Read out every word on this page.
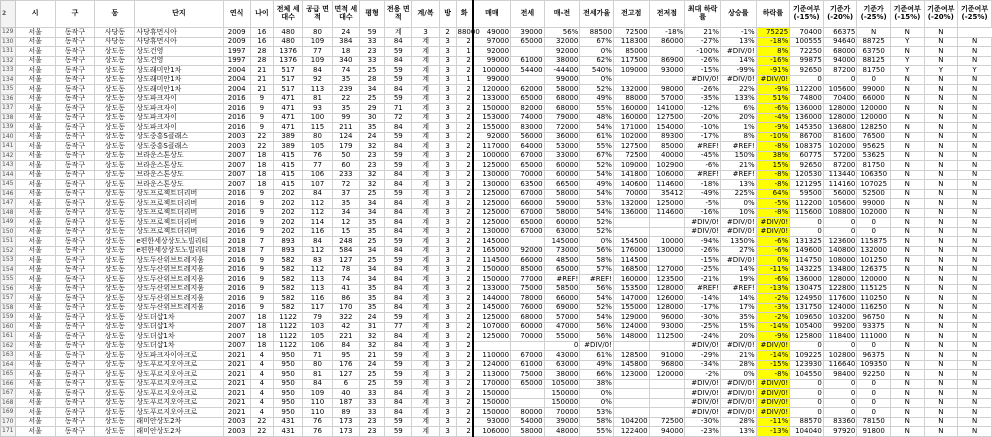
2	시	구	동	단지	연식	나이	전체 세대수	공급 면적	면적 세대수	평형	전용 면적	계/복	방	화	매매	전세	매-전	전세가율	전고점	전저점	최대 하락률	상승률	하락률	기준여부 (-15%)	기준가 (-20%)	기준가 (-25%)	기준여부 (-15%)	기준여부 (-20%)	기준여부 (-25%)
129	서울	동작구	사당동	사당휴먼시아	2009	16	480	80	24	59	계	3	2	88000	49000	39000	56%	88500	72500	-18%	21%	-1%	75225	70400	66375	N	N	N	
130	서울	동작구	사당동	사당휴먼시아	2009	16	480	109	384	33	84	계	3	2	97000	65000	32000	67%	118300	86000	-27%	13%	-18%	100555	94640	88725	Y	N	N
131	서울	동작구	상도동	상도건영	1997	28	1376	77	18	23	59	계	3	1	92000		92000	0%	85000		-100%	#DIV/0!	8%	72250	68000	63750	N	N	N
132	서울	동작구	상도동	상도건영	1997	28	1376	109	340	33	84	계	3	2	99000	61000	38000	62%	117500	86900	-26%	14%	-16%	99875	94000	88125	Y	N	N
133	서울	동작구	상도동	상도래미안1차	2004	21	517	84	74	25	59	계	3	2	100000	54400	-44400	540%	109000	93000	-15%	-99%	-91%	92650	87200	81750	Y	Y	Y
134	서울	동작구	상도동	상도래미안1차	2004	21	517	92	35	28	59	계	3	1	99000		99000	0%			#DIV/0!	#DIV/0!	#DIV/0!	0	0	0	N	N	N
135	서울	동작구	상도동	상도래미안1차	2004	21	517	113	239	34	84	계	3	2	120000	62000	58000	52%	132000	98000	-26%	22%	-9%	112200	105600	99000	N	N	N
136	서울	동작구	상도동	상도파크자이	2016	9	471	81	22	25	59	계	3	2	133000	65000	68000	49%	88000	57000	-35%	133%	51%	74800	70400	66000	N	N	N
137	서울	동작구	상도동	상도파크자이	2016	9	471	93	35	29	71	계	3	2	150000	82000	68000	55%	160000	141000	-12%	6%	-6%	136000	128000	120000	N	N	N
138	서울	동작구	상도동	상도파크자이	2016	9	471	100	99	30	72	계	3	2	153000	74000	79000	48%	160000	127500	-20%	20%	-4%	136000	128000	120000	N	N	N
139	서울	동작구	상도동	상도파크자이	2016	9	471	115	211	35	84	계	3	2	155000	83000	72000	54%	171000	154000	-10%	1%	-9%	145350	136800	128250	N	N	N
140	서울	동작구	상도동	상도중흥S클래스	2003	22	389	80	124	24	59	계	3	2	92000	56000	36000	61%	102000	89300	-17%	8%	-10%	86700	81600	76500	N	N	N
141	서울	동작구	상도동	상도중흥S클래스	2003	22	389	105	179	32	84	계	3	2	117000	64000	53000	55%	127500	85000	#REF!	#REF!	-8%	108375	102000	95625	N	N	N
142	서울	동작구	상도동	브라운스톤상도	2007	18	415	76	50	23	59	계	3	2	100000	67000	33000	67%	72500	40000	-45%	150%	38%	60775	57200	53625	N	N	N
143	서울	동작구	상도동	브라운스톤상도	2007	18	415	77	60	23	59	계	3	2	125000	65000	60000	52%	109000	102900	-6%	21%	15%	92650	87200	81750	N	N	N
144	서울	동작구	상도동	브라운스톤상도	2007	18	415	106	233	32	84	계	3	2	130000	70000	60000	54%	141800	106000	#REF!	#REF!	-8%	120530	113440	106350	N	N	N
145	서울	동작구	상도동	브라운스톤상도	2007	18	415	107	72	32	84	계	3	2	130000	63500	66500	49%	140600	114600	-18%	13%	-8%	121295	114160	107025	N	N	N
146	서울	동작구	상도동	상도프로젝트더리버	2016	9	202	84	37	25	59	계	3	2	125000	67000	58000	54%	70000	35412	-49%	225%	64%	59500	56000	52500	N	N	N
147	서울	동작구	상도동	상도프로젝트더리버	2016	9	202	112	35	34	84	계	3	2	125000	66000	59000	53%	132000	125000	-5%	0%	-5%	112200	105600	99000	N	N	N
148	서울	동작구	상도동	상도프로젝트더리버	2016	9	202	112	34	34	84	계	3	2	125000	67000	58000	54%	136000	114600	-16%	10%	-8%	115600	108800	102000	N	N	N
149	서울	동작구	상도동	상도프로젝트더리버	2016	9	202	114	12	35	84	계	3	2	125000	65000	60000	52%			#DIV/0!	#DIV/0!	#DIV/0!	0	0	0	N	N	N
150	서울	동작구	상도동	상도프로젝트더리버	2016	9	202	116	15	35	84	계	3	2	130000	67000	63000	52%			#DIV/0!	#DIV/0!	#DIV/0!	0	0	0	N	N	N
151	서울	동작구	상도동	e편한세상상도노빌리티	2018	7	893	84	248	25	59	계	3	2	145000		145000	0%	154500	10000	-94%	1350%	-6%	131325	123600	115875	N	N	N
152	서울	동작구	상도동	e편한세상상도노빌리티	2018	7	893	112	584	34	84	계	3	2	165000	92000	73000	56%	176000	130000	-26%	27%	-6%	149600	140800	132000	N	N	N
153	서울	동작구	상도동	상도두산위브트레지움	2016	9	582	83	127	25	59	계	3	2	114500	66000	48500	58%	114500		-15%	#DIV/0!	0%	114750	108000	101250	N	N	N
154	서울	동작구	상도동	상도두산위브트레지움	2016	9	582	112	78	34	84	계	3	2	150000	85000	65000	57%	168500	127000	-25%	14%	-11%	143225	134800	126375	N	N	N
155	서울	동작구	상도동	상도두산위브트레지움	2016	9	582	113	74	34	84	계	3	2	150000	77000	#REF!	#REF!	160000	123500	-21%	19%	-6%	136000	128000	120000	N	N	N
156	서울	동작구	상도동	상도두산위브트레지움	2016	9	582	113	41	35	84	계	3	2	133000	75000	58500	56%	153500	128000	#REF!	#REF!	-13%	130475	122800	115125	N	N	N
157	서울	동작구	상도동	상도두산위브트레지움	2016	9	582	116	86	35	84	계	3	2	144000	78000	66000	54%	147000	126000	-14%	14%	-2%	124950	117600	110250	N	N	N
158	서울	동작구	상도동	상도두산위브트레지움	2016	9	582	117	170	35	84	계	3	2	145000	76000	69000	52%	155000	128000	-17%	17%	-3%	131750	124000	116250	N	N	N
159	서울	동작구	상도동	상도더샵1차	2007	18	1122	79	322	24	59	계	3	2	125000	68000	57000	54%	129000	96000	-30%	35%	-2%	109650	103200	96750	N	N	N
160	서울	동작구	상도동	상도더샵1차	2007	18	1122	103	42	31	77	계	3	2	107000	60000	47000	56%	124000	93000	-25%	15%	-14%	105400	99200	93375	N	N	N
161	서울	동작구	상도동	상도더샵1차	2007	18	1122	105	221	32	84	계	3	2	125000	70000	55000	56%	148000	112500	-24%	20%	-9%	125800	118400	111000	N	N	N
162	서울	동작구	상도동	상도더샵1차	2007	18	1122	106	84	32	84	계	3	2			0	#DIV/0!			#DIV/0!	#DIV/0!	#DIV/0!	0	0	0	N	N	N
163	서울	동작구	상도동	상도파크자이아크로	2021	4	950	71	95	21	59	계	3	2	110000	67000	43000	61%	128500	91000	-29%	21%	-14%	109225	102800	96375	N	N	N
164	서울	동작구	상도동	상도푸르지오아크로	2021	4	950	80	176	24	59	계	3	2	124000	61000	63000	49%	145800	96800	-34%	28%	-15%	123930	116640	109350	N	N	N
165	서울	동작구	상도동	상도푸르지오아크로	2021	4	950	81	127	25	59	계	3	2	113000	75000	38000	66%	123000	120000	-2%	0%	-8%	104550	98400	92250	N	N	N
166	서울	동작구	상도동	상도푸르지오아크로	2021	4	950	84	6	25	59	계	3	2	170000	65000	105000	38%			#DIV/0!	#DIV/0!	#DIV/0!	0	0	0	N	N	N
167	서울	동작구	상도동	상도푸르지오아크로	2021	4	950	109	40	33	84	계	3	2	150000		150000	0%			#DIV/0!	#DIV/0!	#DIV/0!	0	0	0	N	N	N
168	서울	동작구	상도동	상도푸르지오아크로	2021	4	950	110	187	33	84	계	3	2	150000		150000	0%			#DIV/0!	#DIV/0!	#DIV/0!	0	0	0	N	N	N
169	서울	동작구	상도동	상도푸르지오아크로	2021	4	950	110	89	33	84	계	3	2	150000	80000	70000	53%			#DIV/0!	#DIV/0!	#DIV/0!	0	0	0	N	N	N
170	서울	동작구	상도동	래미안상도2차	2003	22	431	76	173	23	59	계	3	2	93000	54000	39000	58%	104200	72500	-30%	28%	-11%	88570	83360	78150	N	N	N
171	서울	동작구	상도동	래미안상도2차	2003	22	431	76	173	23	59	계	3	2	106000	58000	48000	55%	122400	94000	-23%	13%	-13%	104040	97920	91800	N	N	N
